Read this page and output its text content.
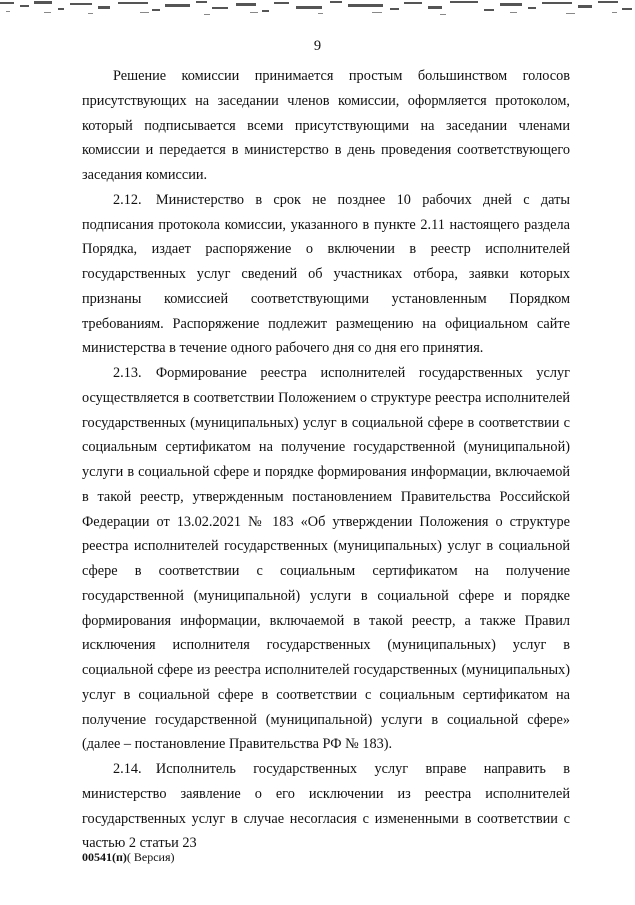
9

Решение комиссии принимается простым большинством голосов присутствующих на заседании членов комиссии, оформляется протоколом, который подписывается всеми присутствующими на заседании членами комиссии и передается в министерство в день проведения соответствующего заседания комиссии.

2.12. Министерство в срок не позднее 10 рабочих дней с даты подписания протокола комиссии, указанного в пункте 2.11 настоящего раздела Порядка, издает распоряжение о включении в реестр исполнителей государственных услуг сведений об участниках отбора, заявки которых признаны комиссией соответствующими установленным Порядком требованиям. Распоряжение подлежит размещению на официальном сайте министерства в течение одного рабочего дня со дня его принятия.

2.13. Формирование реестра исполнителей государственных услуг осуществляется в соответствии Положением о структуре реестра исполнителей государственных (муниципальных) услуг в социальной сфере в соответствии с социальным сертификатом на получение государственной (муниципальной) услуги в социальной сфере и порядке формирования информации, включаемой в такой реестр, утвержденным постановлением Правительства Российской Федерации от 13.02.2021 № 183 «Об утверждении Положения о структуре реестра исполнителей государственных (муниципальных) услуг в социальной сфере в соответствии с социальным сертификатом на получение государственной (муниципальной) услуги в социальной сфере и порядке формирования информации, включаемой в такой реестр, а также Правил исключения исполнителя государственных (муниципальных) услуг в социальной сфере из реестра исполнителей государственных (муниципальных) услуг в социальной сфере в соответствии с социальным сертификатом на получение государственной (муниципальной) услуги в социальной сфере» (далее – постановление Правительства РФ № 183).

2.14. Исполнитель государственных услуг вправе направить в министерство заявление о его исключении из реестра исполнителей государственных услуг в случае несогласия с измененными в соответствии с частью 2 статьи 23

00541(п)( Версия)
